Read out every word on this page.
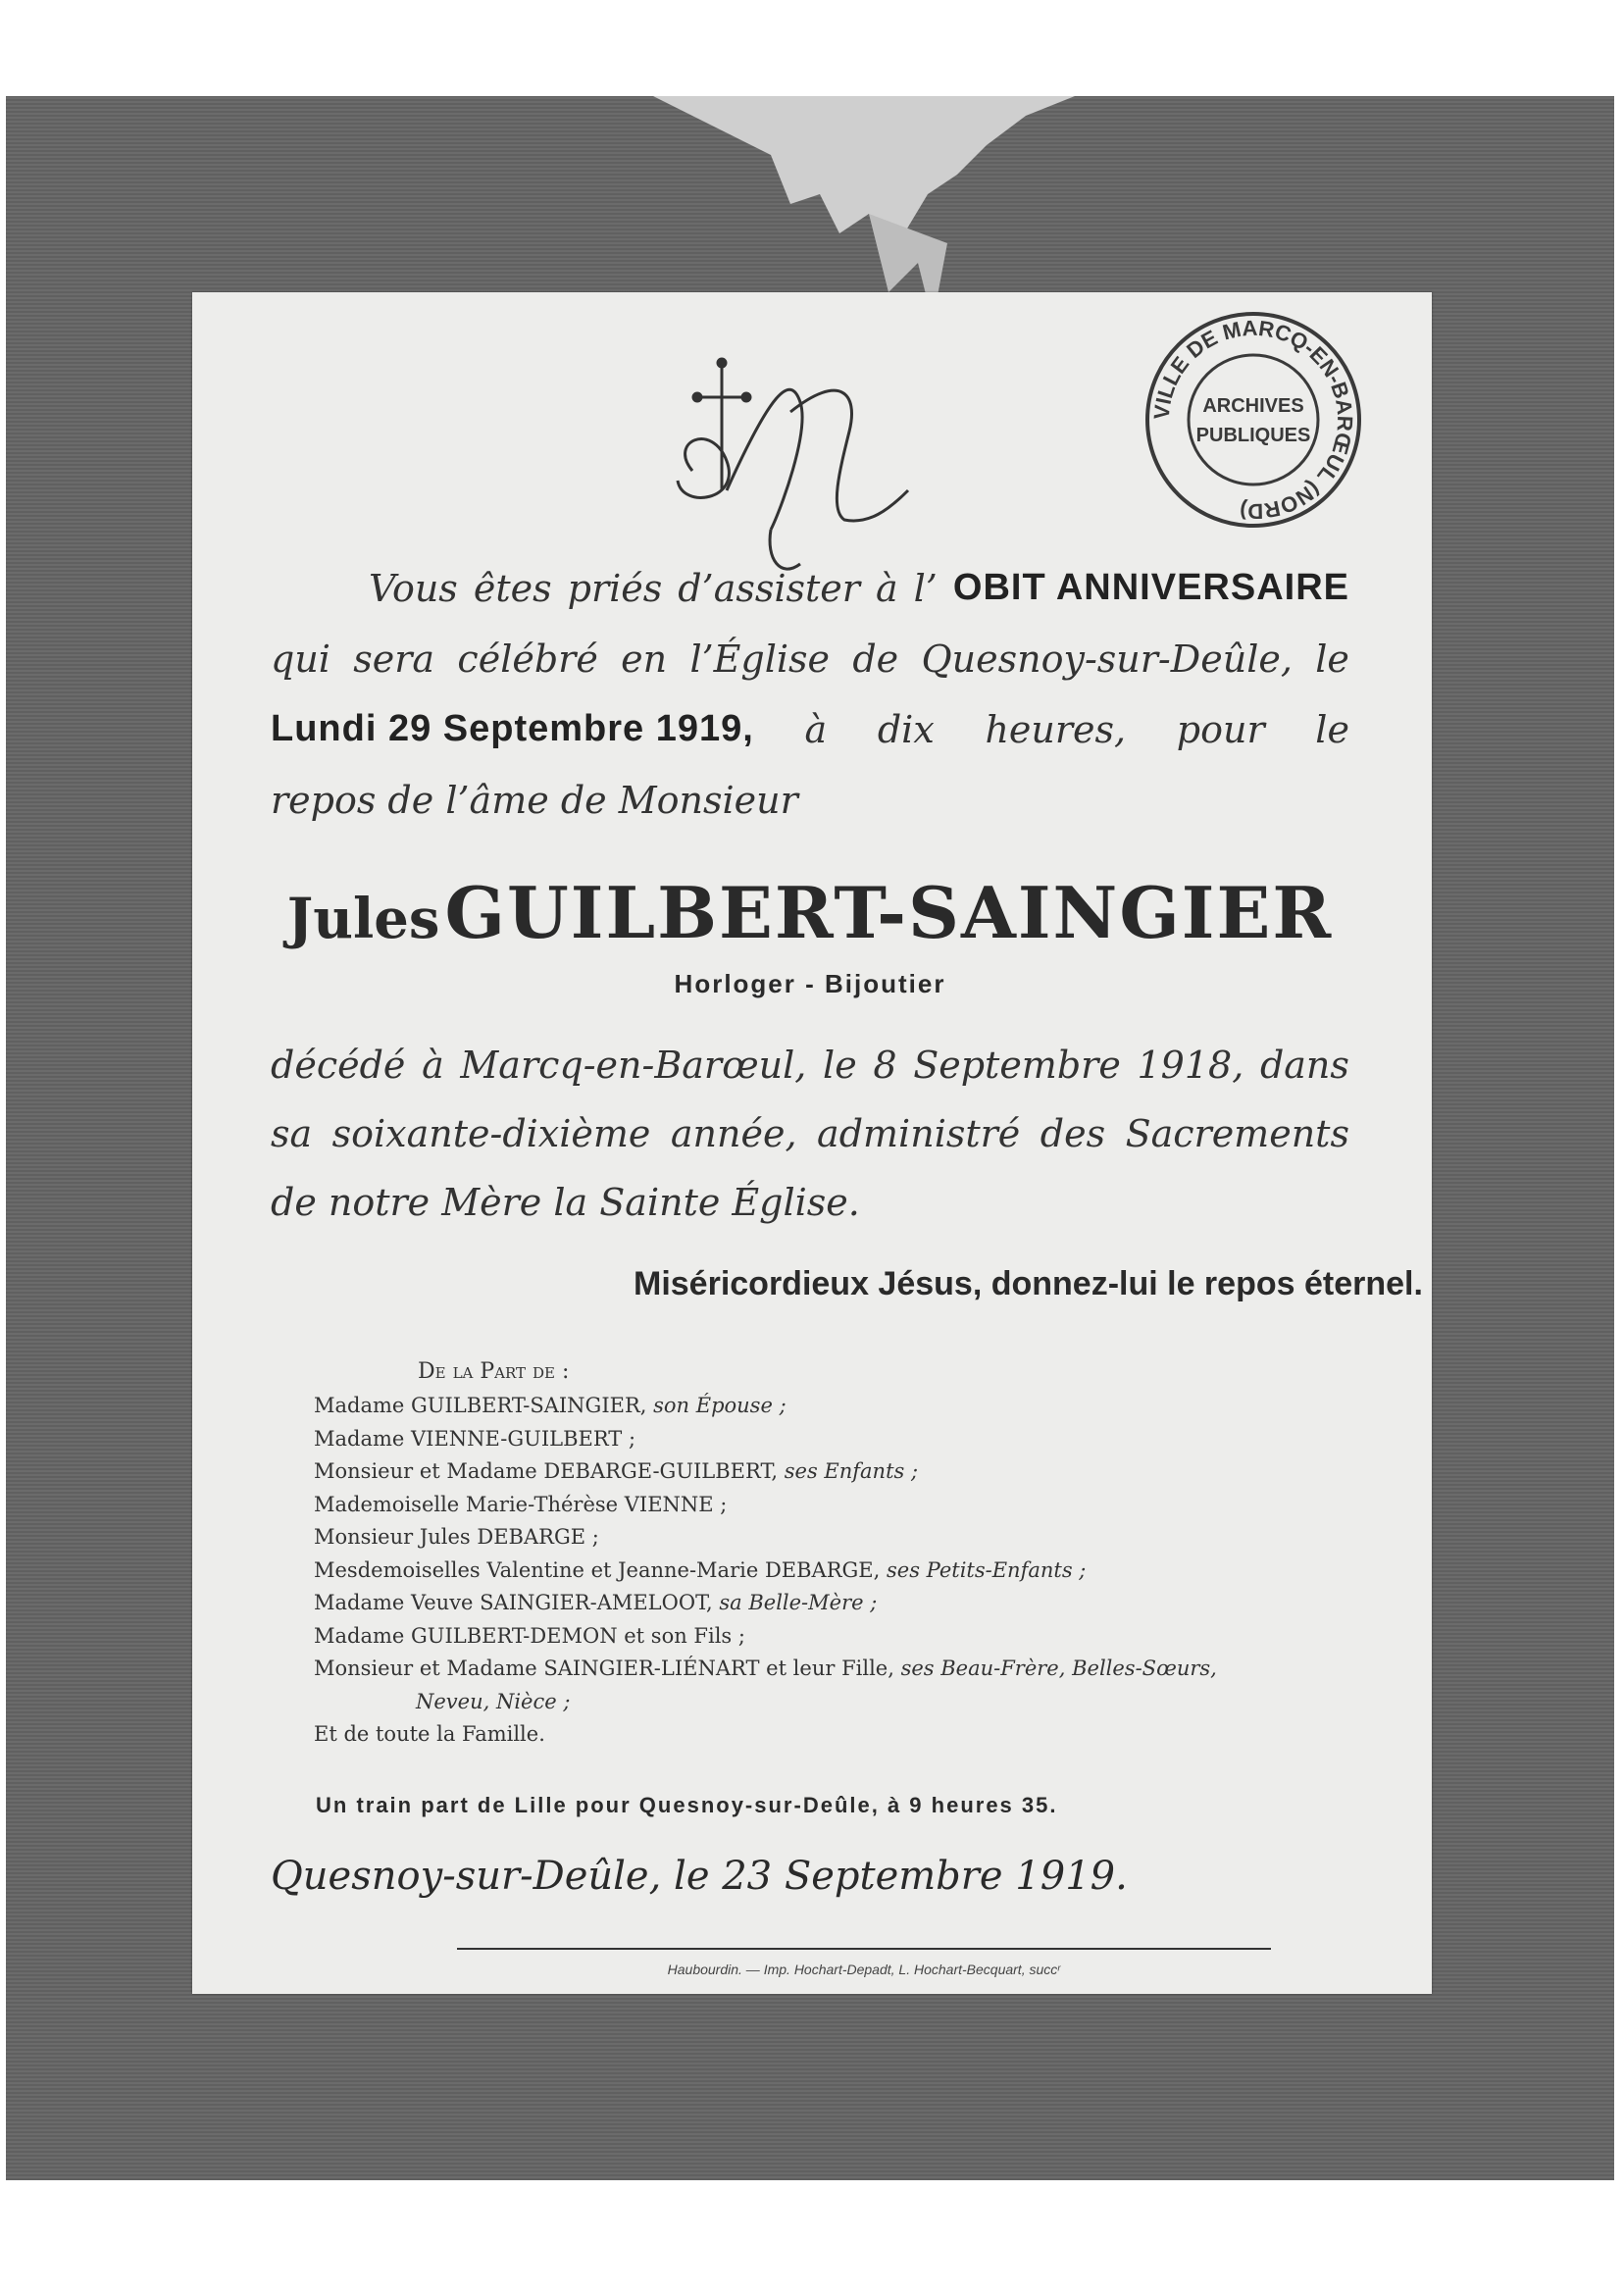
VILLE DE MARCQ-EN-BARŒUL (NORD)
ARCHIVES
PUBLIQUES
Vous êtes priés d’assister à l’ OBIT ANNIVERSAIRE
qui sera célébré en l’Église de Quesnoy-sur-Deûle, le
Lundi 29 Septembre 1919, à dix heures, pour le
repos de l’âme de Monsieur
Jules GUILBERT-SAINGIER
Horloger - Bijoutier
décédé à Marcq-en-Barœul, le 8 Septembre 1918, dans
sa soixante-dixième année, administré des Sacrements
de notre Mère la Sainte Église.
Miséricordieux Jésus, donnez-lui le repos éternel.
De la Part de :
Madame GUILBERT-SAINGIER, son Épouse ;
Madame VIENNE-GUILBERT ;
Monsieur et Madame DEBARGE-GUILBERT, ses Enfants ;
Mademoiselle Marie-Thérèse VIENNE ;
Monsieur Jules DEBARGE ;
Mesdemoiselles Valentine et Jeanne-Marie DEBARGE, ses Petits-Enfants ;
Madame Veuve SAINGIER-AMELOOT, sa Belle-Mère ;
Madame GUILBERT-DEMON et son Fils ;
Monsieur et Madame SAINGIER-LIÉNART et leur Fille, ses Beau-Frère, Belles-Sœurs,
Neveu, Nièce ;
Et de toute la Famille.
Un train part de Lille pour Quesnoy-sur-Deûle, à 9 heures 35.
Quesnoy-sur-Deûle, le 23 Septembre 1919.
Haubourdin. — Imp. Hochart-Depadt, L. Hochart-Becquart, succʳ
